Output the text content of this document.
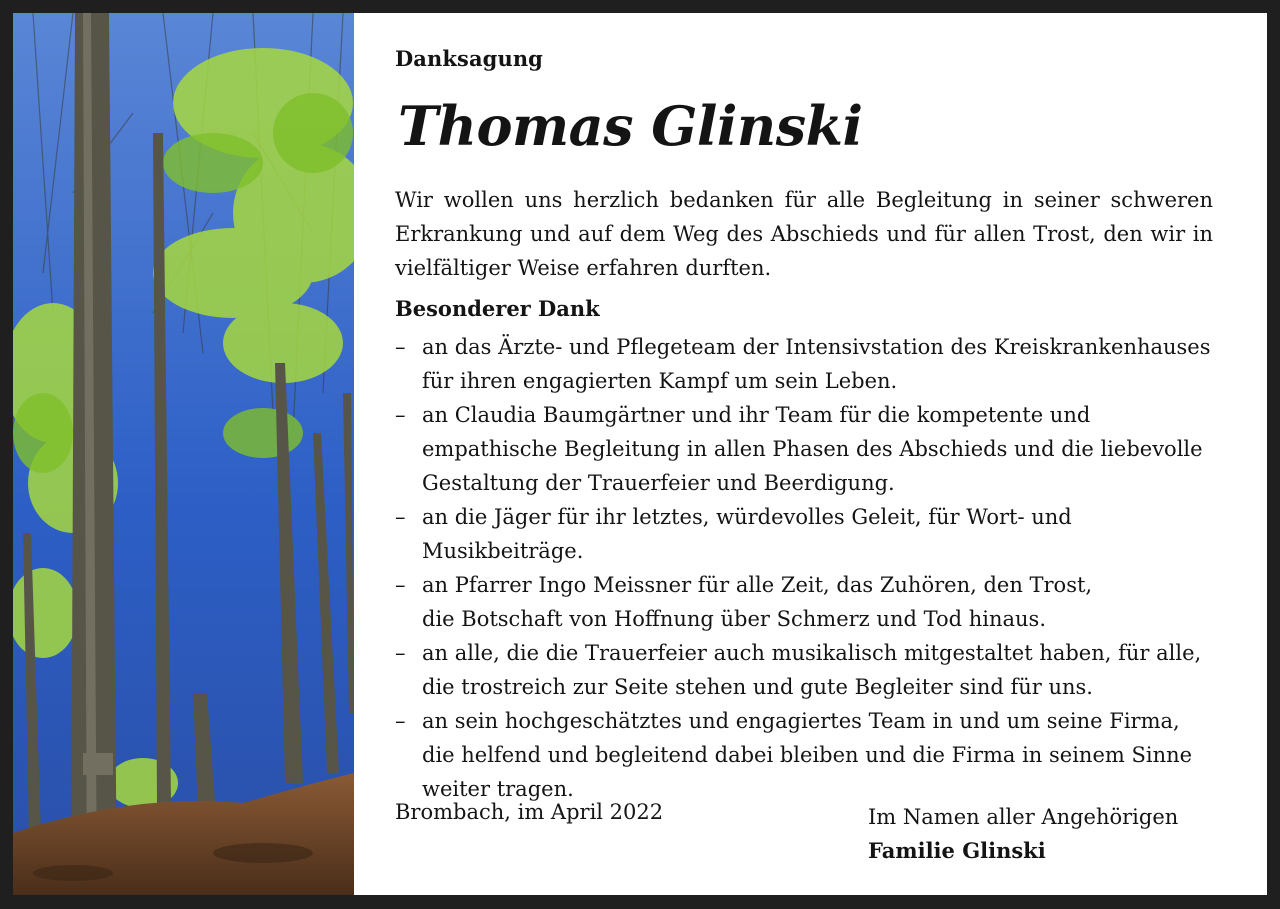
Danksagung
Thomas Glinski
Wir wollen uns herzlich bedanken für alle Begleitung in seiner schweren Erkrankung und auf dem Weg des Abschieds und für allen Trost, den wir in vielfältiger Weise erfahren durften.
Besonderer Dank
– an das Ärzte- und Pflegeteam der Intensivstation des Kreiskrankenhauses
für ihren engagierten Kampf um sein Leben.
– an Claudia Baumgärtner und ihr Team für die kompetente und
empathische Begleitung in allen Phasen des Abschieds und die liebevolle
Gestaltung der Trauerfeier und Beerdigung.
– an die Jäger für ihr letztes, würdevolles Geleit, für Wort- und Musikbeiträge.
– an Pfarrer Ingo Meissner für alle Zeit, das Zuhören, den Trost,
die Botschaft von Hoffnung über Schmerz und Tod hinaus.
– an alle, die die Trauerfeier auch musikalisch mitgestaltet haben, für alle,
die trostreich zur Seite stehen und gute Begleiter sind für uns.
– an sein hochgeschätztes und engagiertes Team in und um seine Firma,
die helfend und begleitend dabei bleiben und die Firma in seinem Sinne
weiter tragen.
Brombach, im April 2022	Im Namen aller Angehörigen
Familie Glinski
